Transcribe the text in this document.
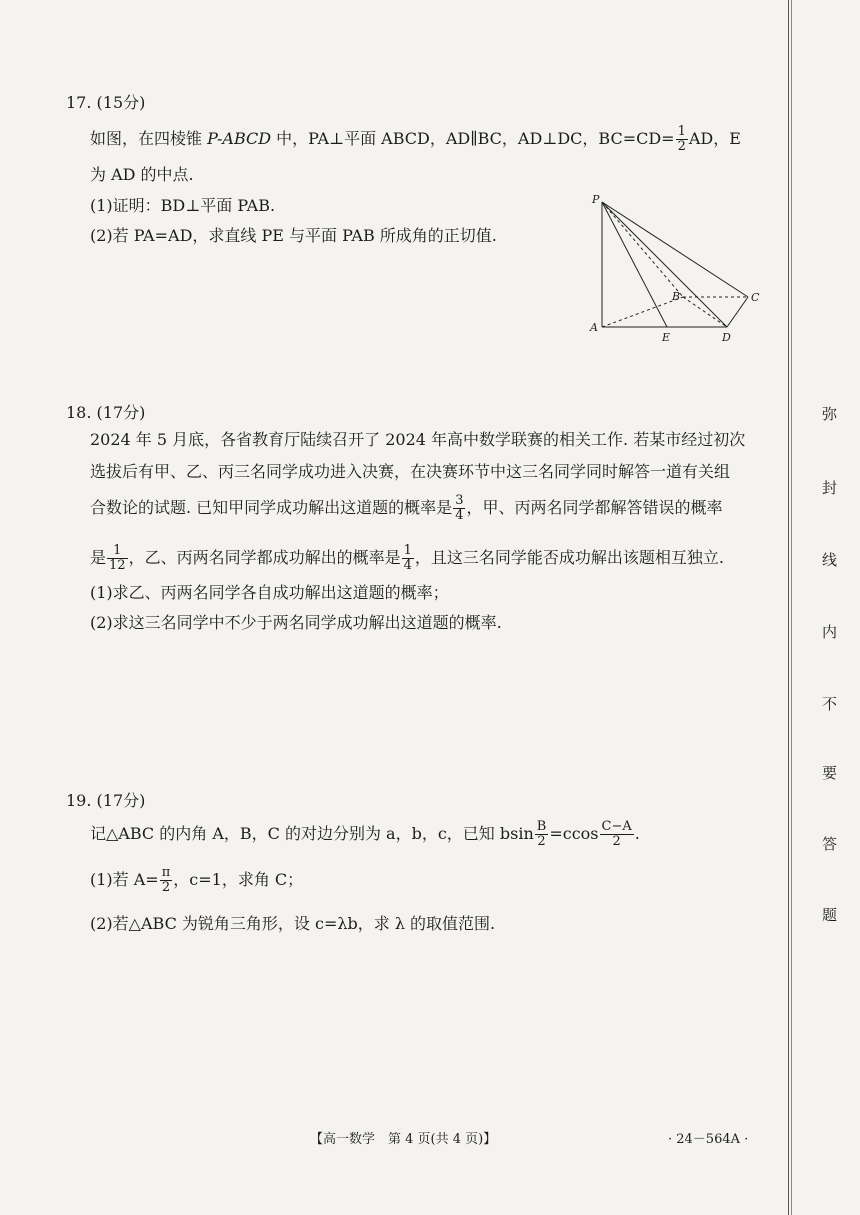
17. (15分)
如图，在四棱锥 P-ABCD 中，PA⊥平面 ABCD，AD∥BC，AD⊥DC，$BC=CD= \frac{1}{2}$ AD，E
为 AD 的中点.
(1)证明：BD⊥平面 PAB.
(2)若 PA=AD，求直线 PE 与平面 PAB 所成角的正切值.
P
A
B	C
D
E
18. (17分)
2024 年 5 月底，各省教育厅陆续召开了 2024 年高中数学联赛的相关工作. 若某市经过初次
选拔后有甲、乙、丙三名同学成功进入决赛，在决赛环节中这三名同学同时解答一道有关组
合数论的试题. 已知甲同学成功解出这道题的概率是 $\frac{3}{4}$ ，甲、丙两名同学都解答错误的概率
是 $\frac{1}{12}$ ，乙、丙两名同学都成功解出的概率是 $\frac{1}{4}$ ，且这三名同学能否成功解出该题相互独立.
(1)求乙、丙两名同学各自成功解出这道题的概率；
(2)求这三名同学中不少于两名同学成功解出这道题的概率.
19. (17分)
记△ABC 的内角 A，B，C 的对边分别为 a，b，c，已知 bsin $\frac{B}{2} =ccos \frac{C-A}{2}$ .
(1)若 $A= \frac{\pi}{2}$ ，c=1，求角 C；
(2)若△ABC 为锐角三角形，设 c=λb，求 λ 的取值范围.
【高一数学　第 4 页(共 4 页)】	· 24－564A ·
弥
封
线
内
不
要
答
题
